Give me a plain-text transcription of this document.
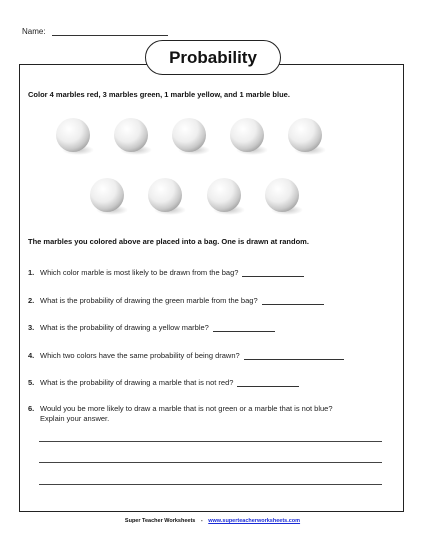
Name:
Probability
Color 4 marbles red, 3 marbles green, 1 marble yellow, and 1 marble blue.
The marbles you colored above are placed into a bag. One is drawn at random.
1. Which color marble is most likely to be drawn from the bag?
2. What is the probability of drawing the green marble from the bag?
3. What is the probability of drawing a yellow marble?
4. Which two colors have the same probability of being drawn?
5. What is the probability of drawing a marble that is not red?
6. Would you be more likely to draw a marble that is not green or a marble that is not blue?
Explain your answer.
Super Teacher Worksheets - www.superteacherworksheets.com
